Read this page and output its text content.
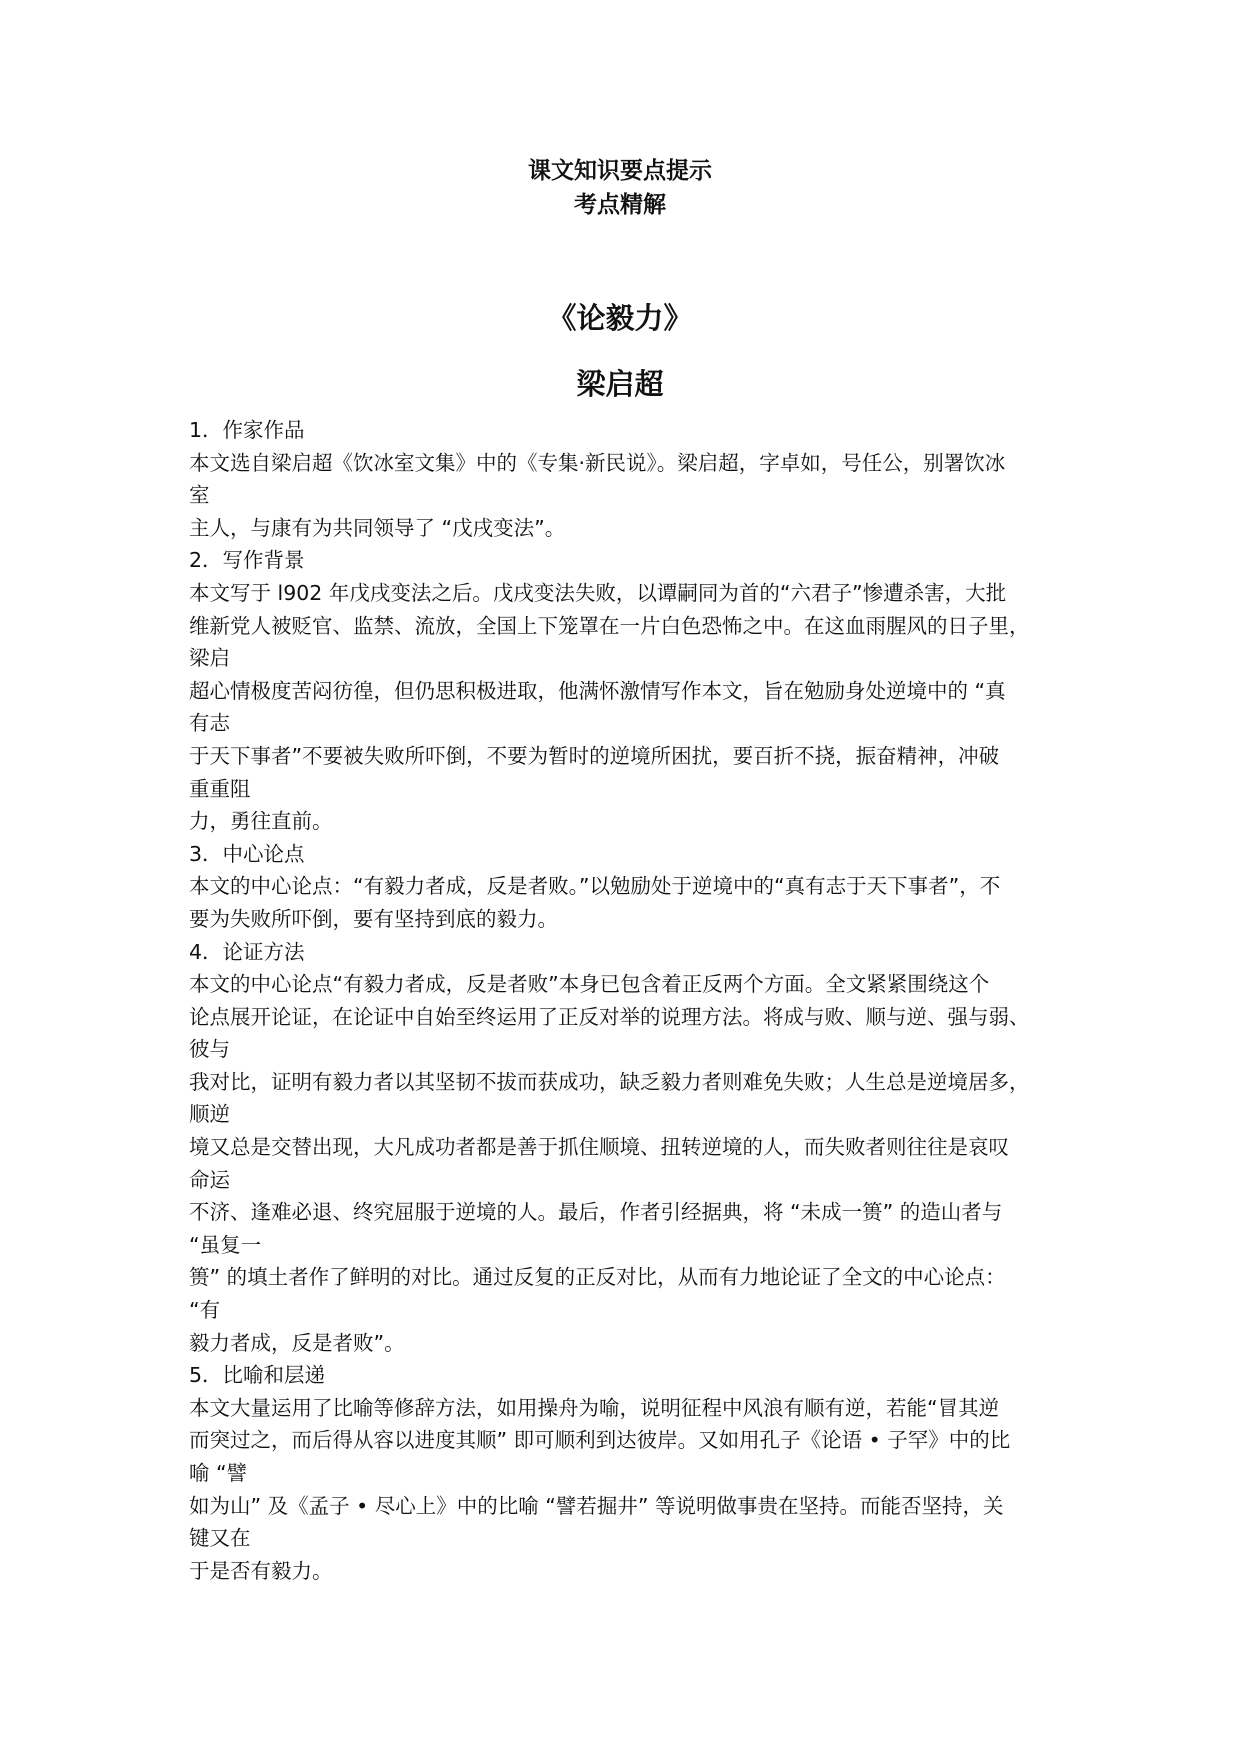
课文知识要点提示
考点精解
《论毅力》
梁启超
1．作家作品
本文选自梁启超《饮冰室文集》中的《专集·新民说》。梁启超，字卓如，号任公，别署饮冰
室
主人，与康有为共同领导了 “戊戌变法”。
2．写作背景
本文写于 l902 年戊戌变法之后。戊戌变法失败，以谭嗣同为首的“六君子”惨遭杀害，大批
维新党人被贬官、监禁、流放，全国上下笼罩在一片白色恐怖之中。在这血雨腥风的日子里，
梁启
超心情极度苦闷彷徨，但仍思积极进取，他满怀激情写作本文，旨在勉励身处逆境中的 “真
有志
于天下事者”不要被失败所吓倒，不要为暂时的逆境所困扰，要百折不挠，振奋精神，冲破
重重阻
力，勇往直前。
3．中心论点
本文的中心论点：“有毅力者成，反是者败。”以勉励处于逆境中的“真有志于天下事者”，不
要为失败所吓倒，要有坚持到底的毅力。
4．论证方法
本文的中心论点“有毅力者成，反是者败”本身已包含着正反两个方面。全文紧紧围绕这个
论点展开论证，在论证中自始至终运用了正反对举的说理方法。将成与败、顺与逆、强与弱、
彼与
我对比，证明有毅力者以其坚韧不拔而获成功，缺乏毅力者则难免失败；人生总是逆境居多，
顺逆
境又总是交替出现，大凡成功者都是善于抓住顺境、扭转逆境的人，而失败者则往往是哀叹
命运
不济、逢难必退、终究屈服于逆境的人。最后，作者引经据典，将 “未成一篑” 的造山者与
“虽复一
篑” 的填土者作了鲜明的对比。通过反复的正反对比，从而有力地论证了全文的中心论点：
“有
毅力者成，反是者败”。
5．比喻和层递
本文大量运用了比喻等修辞方法，如用操舟为喻，说明征程中风浪有顺有逆，若能“冒其逆
而突过之，而后得从容以进度其顺” 即可顺利到达彼岸。又如用孔子《论语 • 子罕》中的比
喻 “譬
如为山” 及《孟子 • 尽心上》中的比喻 “譬若掘井” 等说明做事贵在坚持。而能否坚持，关
键又在
于是否有毅力。
